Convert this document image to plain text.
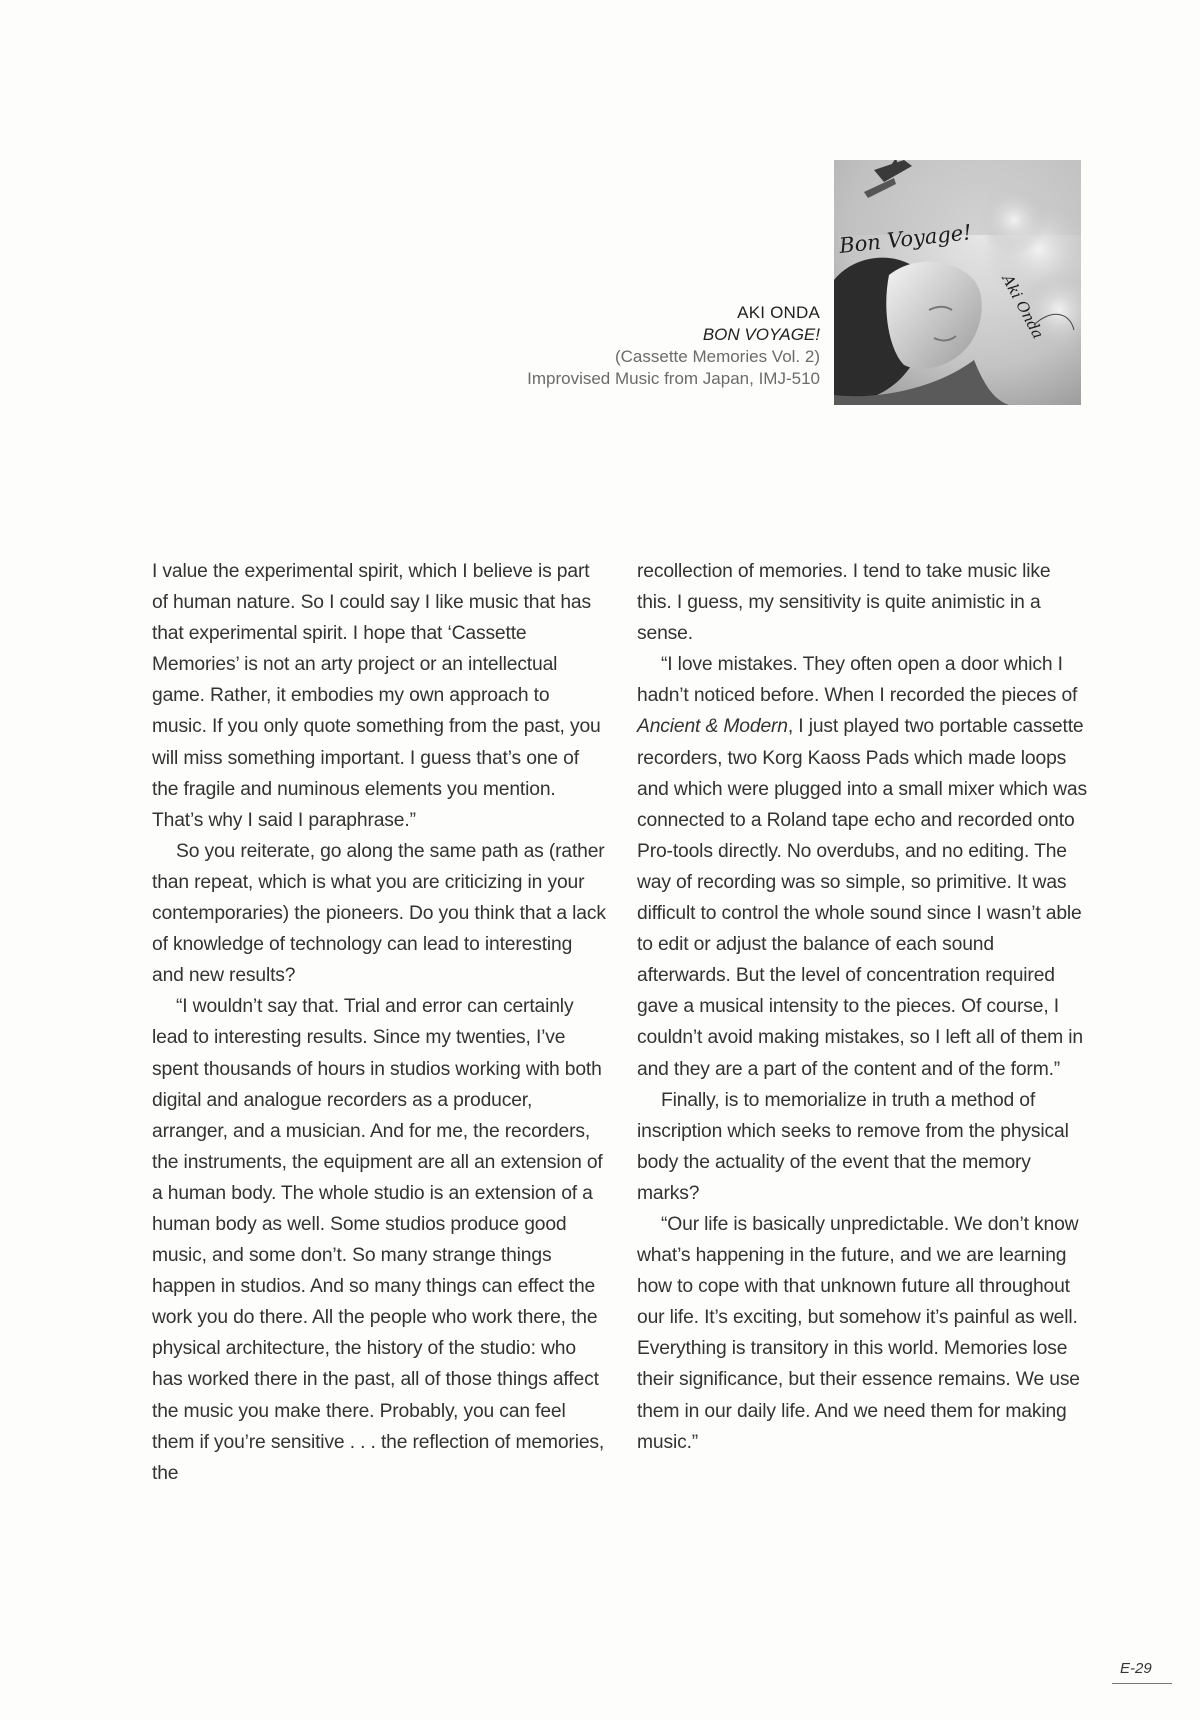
AKI ONDA
BON VOYAGE!
(Cassette Memories Vol. 2)
Improvised Music from Japan, IMJ-510
Bon Voyage!
Aki Onda

I value the experimental spirit, which I believe is part of human nature. So I could say I like music that has that experimental spirit. I hope that ‘Cassette Memories’ is not an arty project or an intellectual game. Rather, it embodies my own approach to music. If you only quote something from the past, you will miss something important. I guess that’s one of the fragile and numinous elements you mention. That’s why I said I paraphrase.”

So you reiterate, go along the same path as (rather than repeat, which is what you are criticizing in your contemporaries) the pioneers. Do you think that a lack of knowledge of technology can lead to interesting and new results?

“I wouldn’t say that. Trial and error can certainly lead to interesting results. Since my twenties, I’ve spent thousands of hours in studios working with both digital and analogue recorders as a producer, arranger, and a musician. And for me, the recorders, the instruments, the equipment are all an extension of a human body. The whole studio is an extension of a human body as well. Some studios produce good music, and some don’t. So many strange things happen in studios. And so many things can effect the work you do there. All the people who work there, the physical architecture, the history of the studio: who has worked there in the past, all of those things affect the music you make there. Probably, you can feel them if you’re sensitive . . . the reflection of memories, the

recollection of memories. I tend to take music like this. I guess, my sensitivity is quite animistic in a sense.

“I love mistakes. They often open a door which I hadn’t noticed before. When I recorded the pieces of Ancient & Modern, I just played two portable cassette recorders, two Korg Kaoss Pads which made loops and which were plugged into a small mixer which was connected to a Roland tape echo and recorded onto Pro-tools directly. No overdubs, and no editing. The way of recording was so simple, so primitive. It was difficult to control the whole sound since I wasn’t able to edit or adjust the balance of each sound afterwards. But the level of concentration required gave a musical intensity to the pieces. Of course, I couldn’t avoid making mistakes, so I left all of them in and they are a part of the content and of the form.”

Finally, is to memorialize in truth a method of inscription which seeks to remove from the physical body the actuality of the event that the memory marks?

“Our life is basically unpredictable. We don’t know what’s happening in the future, and we are learning how to cope with that unknown future all throughout our life. It’s exciting, but somehow it’s painful as well. Everything is transitory in this world. Memories lose their significance, but their essence remains. We use them in our daily life. And we need them for making music.”

E-29
